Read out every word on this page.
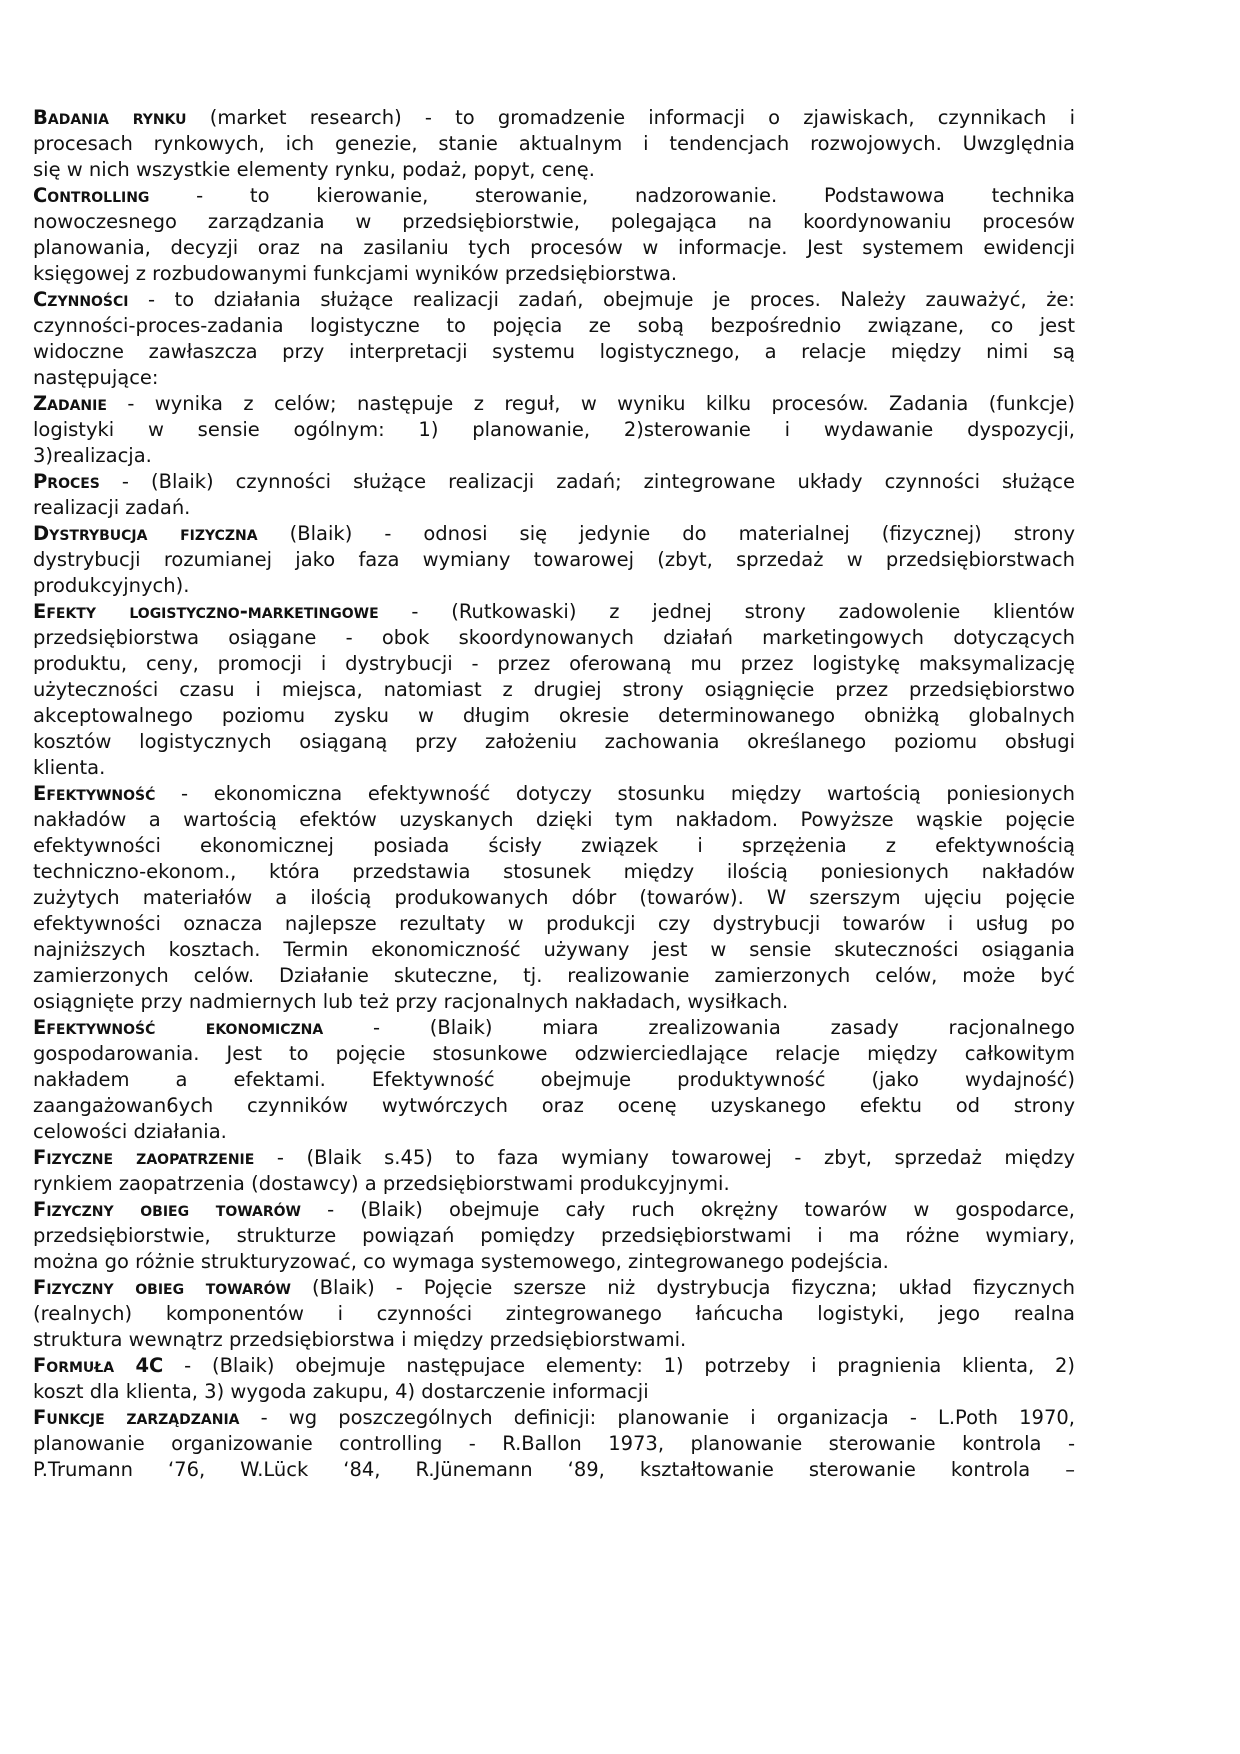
Badania rynku (market research) - to gromadzenie informacji o zjawiskach, czynnikach i
procesach rynkowych, ich genezie, stanie aktualnym i tendencjach rozwojowych. Uwzględnia
się w nich wszystkie elementy rynku, podaż, popyt, cenę.
Controlling - to kierowanie, sterowanie, nadzorowanie. Podstawowa technika
nowoczesnego zarządzania w przedsiębiorstwie, polegająca na koordynowaniu procesów
planowania, decyzji oraz na zasilaniu tych procesów w informacje. Jest systemem ewidencji
księgowej z rozbudowanymi funkcjami wyników przedsiębiorstwa.
Czynności - to działania służące realizacji zadań, obejmuje je proces. Należy zauważyć, że:
czynności-proces-zadania logistyczne to pojęcia ze sobą bezpośrednio związane, co jest
widoczne zawłaszcza przy interpretacji systemu logistycznego, a relacje między nimi są
następujące:
Zadanie - wynika z celów; następuje z reguł, w wyniku kilku procesów. Zadania (funkcje)
logistyki w sensie ogólnym: 1) planowanie, 2)sterowanie i wydawanie dyspozycji,
3)realizacja.
Proces - (Blaik) czynności służące realizacji zadań; zintegrowane układy czynności służące
realizacji zadań.
Dystrybucja fizyczna (Blaik) - odnosi się jedynie do materialnej (fizycznej) strony
dystrybucji rozumianej jako faza wymiany towarowej (zbyt, sprzedaż w przedsiębiorstwach
produkcyjnych).
Efekty logistyczno-marketingowe - (Rutkowaski) z jednej strony zadowolenie klientów
przedsiębiorstwa osiągane - obok skoordynowanych działań marketingowych dotyczących
produktu, ceny, promocji i dystrybucji - przez oferowaną mu przez logistykę maksymalizację
użyteczności czasu i miejsca, natomiast z drugiej strony osiągnięcie przez przedsiębiorstwo
akceptowalnego poziomu zysku w długim okresie determinowanego obniżką globalnych
kosztów logistycznych osiąganą przy założeniu zachowania określanego poziomu obsługi
klienta.
Efektywność - ekonomiczna efektywność dotyczy stosunku między wartością poniesionych
nakładów a wartością efektów uzyskanych dzięki tym nakładom. Powyższe wąskie pojęcie
efektywności ekonomicznej posiada ścisły związek i sprzężenia z efektywnością
techniczno-ekonom., która przedstawia stosunek między ilością poniesionych nakładów
zużytych materiałów a ilością produkowanych dóbr (towarów). W szerszym ujęciu pojęcie
efektywności oznacza najlepsze rezultaty w produkcji czy dystrybucji towarów i usług po
najniższych kosztach. Termin ekonomiczność używany jest w sensie skuteczności osiągania
zamierzonych celów. Działanie skuteczne, tj. realizowanie zamierzonych celów, może być
osiągnięte przy nadmiernych lub też przy racjonalnych nakładach, wysiłkach.
Efektywność ekonomiczna - (Blaik) miara zrealizowania zasady racjonalnego
gospodarowania. Jest to pojęcie stosunkowe odzwierciedlające relacje między całkowitym
nakładem a efektami. Efektywność obejmuje produktywność (jako wydajność)
zaangażowan6ych czynników wytwórczych oraz ocenę uzyskanego efektu od strony
celowości działania.
Fizyczne zaopatrzenie - (Blaik s.45) to faza wymiany towarowej - zbyt, sprzedaż między
rynkiem zaopatrzenia (dostawcy) a przedsiębiorstwami produkcyjnymi.
Fizyczny obieg towarów - (Blaik) obejmuje cały ruch okrężny towarów w gospodarce,
przedsiębiorstwie, strukturze powiązań pomiędzy przedsiębiorstwami i ma różne wymiary,
można go różnie strukturyzować, co wymaga systemowego, zintegrowanego podejścia.
Fizyczny obieg towarów (Blaik) - Pojęcie szersze niż dystrybucja fizyczna; układ fizycznych
(realnych) komponentów i czynności zintegrowanego łańcucha logistyki, jego realna
struktura wewnątrz przedsiębiorstwa i między przedsiębiorstwami.
Formuła 4C - (Blaik) obejmuje następujace elementy: 1) potrzeby i pragnienia klienta, 2)
koszt dla klienta, 3) wygoda zakupu, 4) dostarczenie informacji
Funkcje zarządzania - wg poszczególnych definicji: planowanie i organizacja - L.Poth 1970,
planowanie organizowanie controlling - R.Ballon 1973, planowanie sterowanie kontrola -
P.Trumann ‘76, W.Lück ‘84, R.Jünemann ‘89, kształtowanie sterowanie kontrola –
